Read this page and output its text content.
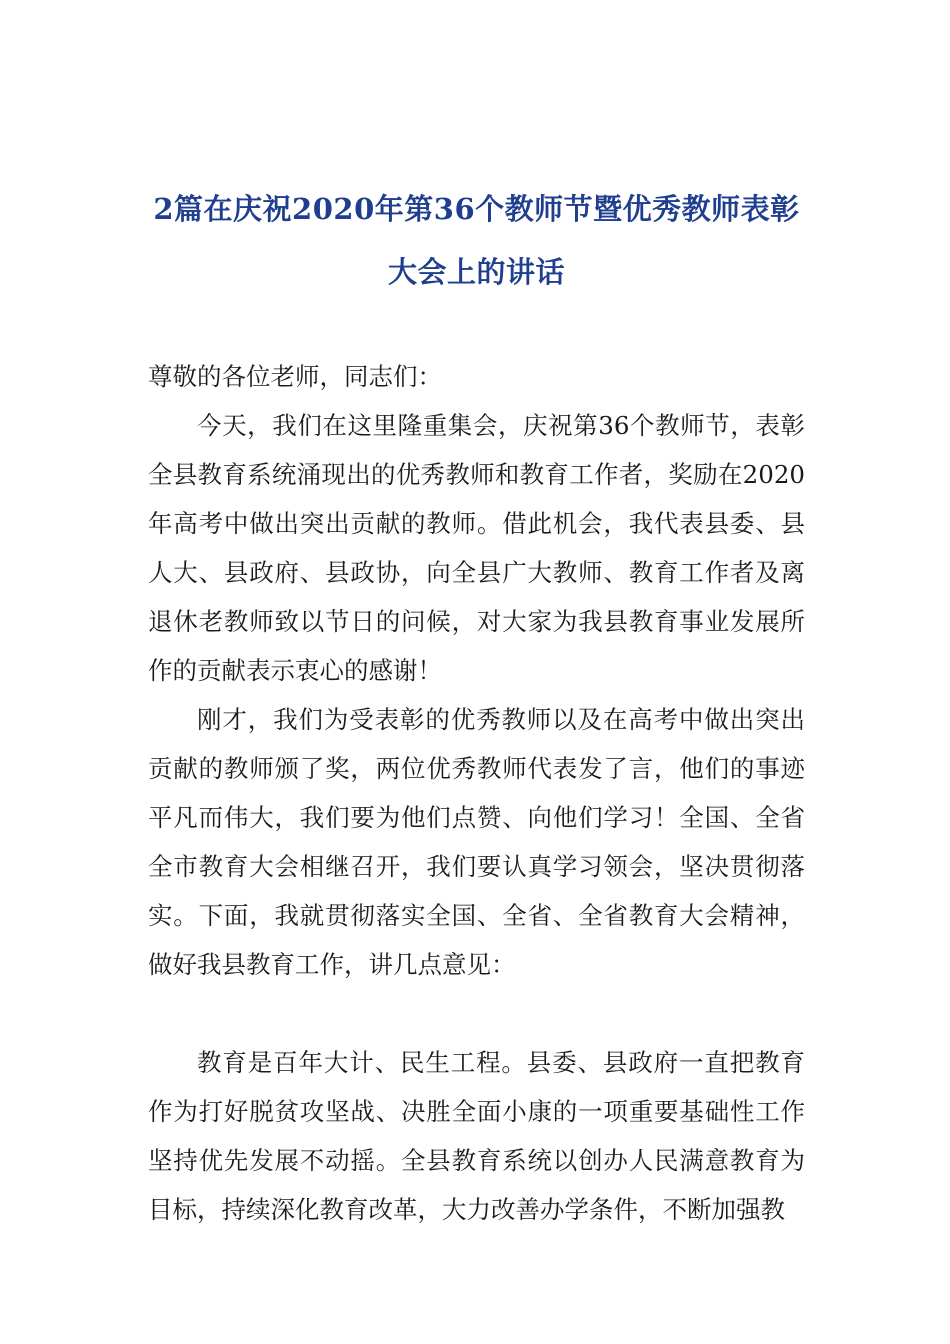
2篇在庆祝2020年第36个教师节暨优秀教师表彰大会上的讲话

尊敬的各位老师，同志们：

今天，我们在这里隆重集会，庆祝第36个教师节，表彰全县教育系统涌现出的优秀教师和教育工作者，奖励在2020年高考中做出突出贡献的教师。借此机会，我代表县委、县人大、县政府、县政协，向全县广大教师、教育工作者及离退休老教师致以节日的问候，对大家为我县教育事业发展所作的贡献表示衷心的感谢！

刚才，我们为受表彰的优秀教师以及在高考中做出突出贡献的教师颁了奖，两位优秀教师代表发了言，他们的事迹平凡而伟大，我们要为他们点赞、向他们学习！全国、全省全市教育大会相继召开，我们要认真学习领会，坚决贯彻落实。下面，我就贯彻落实全国、全省、全省教育大会精神，做好我县教育工作，讲几点意见：

教育是百年大计、民生工程。县委、县政府一直把教育作为打好脱贫攻坚战、决胜全面小康的一项重要基础性工作坚持优先发展不动摇。全县教育系统以创办人民满意教育为目标，持续深化教育改革，大力改善办学条件，不断加强教
